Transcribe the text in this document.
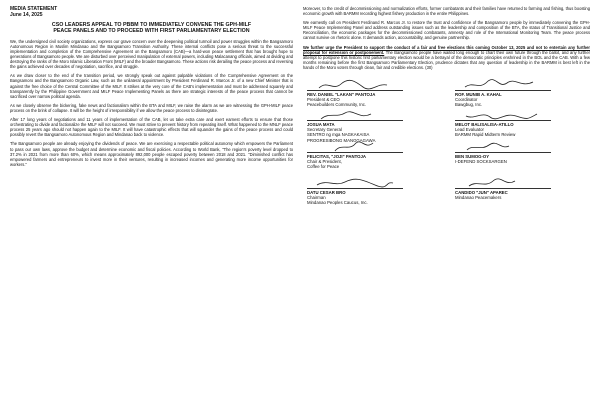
MEDIA STATEMENT
June 14, 2025
CSO LEADERS APPEAL TO PBBM TO IMMEDIATELY CONVENE THE GPH-MILF
PEACE PANELS AND TO PROCEED WITH FIRST PARLIAMENTARY ELECTION

We, the undersigned civil society organizations, express our grave concern over the deepening political turmoil and power struggles within the Bangsamoro Autonomous Region in Muslim Mindanao and the Bangsamoro Transition Authority. These internal conflicts pose a serious threat to the successful implementation and completion of the Comprehensive Agreement on the Bangsamoro (CAB)—a hard-won peace settlement that has brought hope to generations of Bangsamoro people. We are disturbed over perceived manipulation of external powers, including Malacanang officials, aimed at dividing and destroying the ranks of the Moro Islamic Liberation Front (MILF) and the broader Bangsamoro. These actions risk derailing the peace process and reversing the gains achieved over decades of negotiation, sacrifice, and struggle.

As we draw closer to the end of the transition period, we strongly speak out against palpable violations of the Comprehensive Agreement on the Bangsamoro and the Bangsamoro Organic Law, such as the unilateral appointment by President Ferdinand R. Marcos Jr. of a new Chief Minister that is against the free choice of the Central Committee of the MILF. It strikes at the very core of the CAB's implementation and must be addressed squarely and transparently by the Philippine Government and MILF Peace Implementing Panels as there are strategic interests of the peace process that cannot be sacrificed over narrow political agenda.

As we closely observe the bickering, fake news and factionalism within the BTA and MILF, we raise the alarm as we are witnessing the GPH-MILF peace process on the brink of collapse. It will be the height of irresponsibility if we allow the peace process to disintegrate.

After 17 long years of negotiations and 11 years of implementation of the CAB, let us take extra care and exert earnest efforts to ensure that those orchestrating to divide and factionalize the MILF will not succeed. We must strive to prevent history from repeating itself. What happened to the MNLF peace process 25 years ago should not happen again to the MILF. It will have catastrophic effects that will squander the gains of the peace process and could possibly revert the Bangsamoro Autonomous Region and Mindanao back to violence.

The Bangsamoro people are already enjoying the dividends of peace. We are exercising a respectable political autonomy which empowers the Parliament to pass our own laws, approve the budget and determine economic and fiscal policies. According to World Bank, "The region's poverty level dropped to 37.2% in 2021 from more than 60%, which means approximately 892,000 people escaped poverty between 2018 and 2021. "Diminished conflict has empowered farmers and entrepreneurs to invest more in their ventures, resulting in increased incomes and generating more income opportunities for workers."

Moreover, to the credit of decommissioning and normalization efforts, former combatants and their families have returned to farming and fishing, thus boosting economic growth with BARMM recording highest fishery production in the entire Philippines.

We earnestly call on President Ferdinand R. Marcos Jr. to restore the trust and confidence of the Bangsamoro people by immediately convening the GPH-MILF Peace Implementing Panel and address outstanding issues such as the leadership and composition of the BTA, the status of Transitional Justice and Reconciliation, the economic packages for the decommissioned combatants, amnesty and role of the International Monitoring Team. The peace process cannot survive on rhetoric alone. It demands action, accountability, and genuine partnership.

We further urge the President to support the conduct of a fair and free elections this coming October 13, 2025 and not to entertain any further proposal for extension or postponement. The Bangsamoro people have waited long enough to chart their own future through the ballot, and any further attempt to postpone this historic first parliamentary election would be a betrayal of the democratic principles enshrined in the BOL and the CAB. With a few months remaining before the first Bangsamoro Parliamentary Election, prudence dictates that any question of leadership in the BARMM is best left in the hands of the Moro voters through clean, fair and credible elections. (30)

REV. DANIEL "LAKAN" PANTOJA
President & CEO
Peacebuilders Community, Inc.
ROF. MUNIB A. KAHAL
Coordinator
Bawgbug, Inc.
JOSUA MATA
Secretary General
SENTRO ng mga NAGKAKAISA
PROGRESIBONG MANGGAGAWA
MELOT BALISALISA-ATILLO
Lead Evaluator
BARMM Rapid Midterm Review
FELICITAS, "JOJI" PANTOJA
Chair & President,
Coffee for Peace
BEN SUMOG-OY
I-DEFEND SOCKSARGEN
DATU CESAR BRO
Chairman
Mindanao Peoples Caucus, Inc.
CANDIDO "JUN" APAREC
Mindanao Peacemakers
